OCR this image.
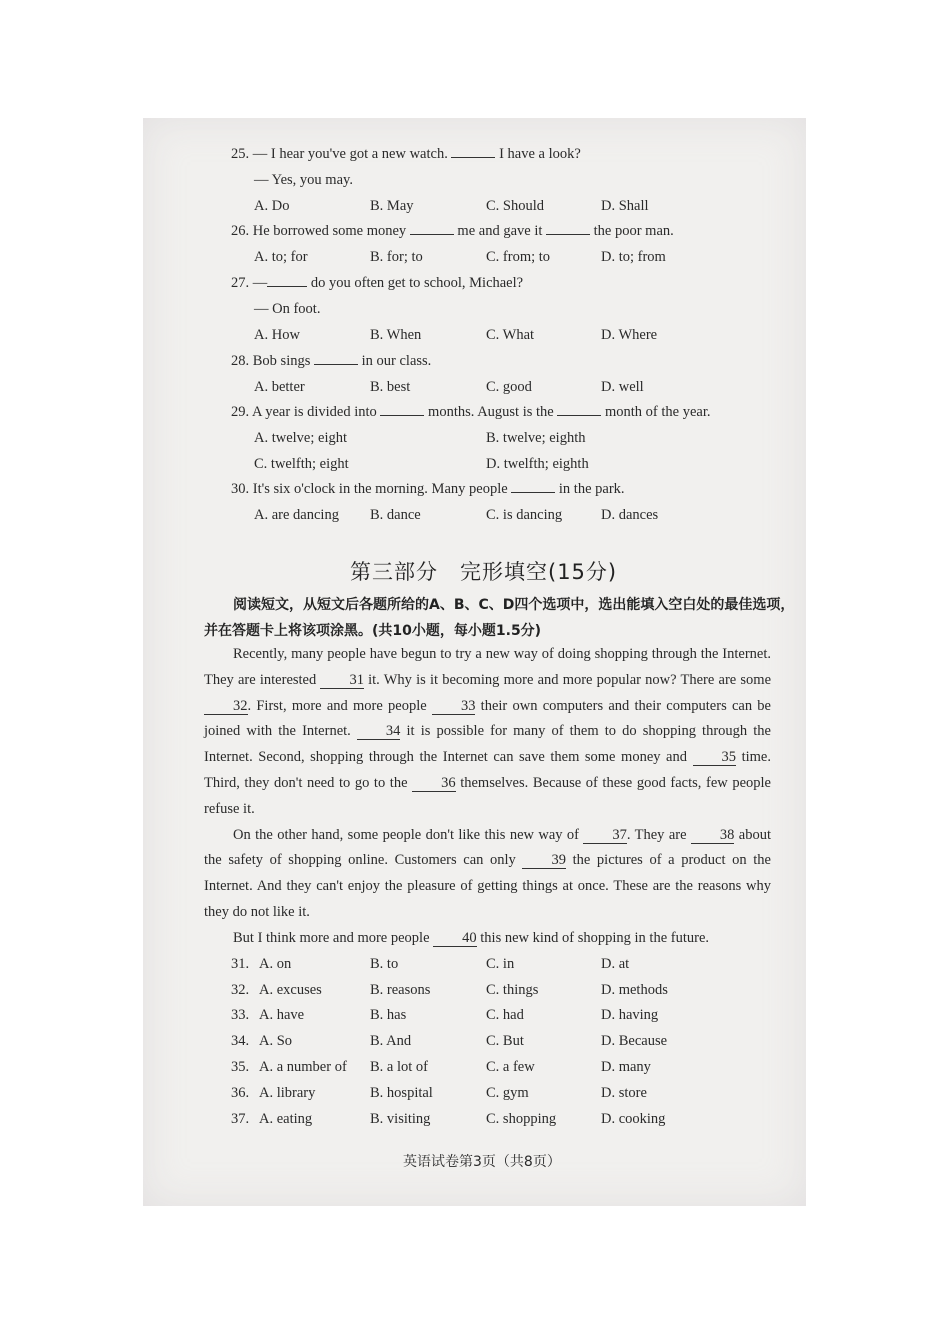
25. — I hear you've got a new watch.	I have a look?
— Yes, you may.
A. Do	B. May	C. Should	D. Shall
26. He borrowed some money	me and gave it	the poor man.
A. to; for	B. for; to	C. from; to	D. to; from
27. —	do you often get to school, Michael?
— On foot.
A. How	B. When	C. What	D. Where
28. Bob sings	in our class.
A. better	B. best	C. good	D. well
29. A year is divided into	months. August is the	month of the year.
A. twelve; eight	B. twelve; eighth
C. twelfth; eight	D. twelfth; eighth
30. It's six o'clock in the morning. Many people	in the park.
A. are dancing B. dance	C. is dancing	D. dances
第三部分　完形填空(15分)
阅读短文，从短文后各题所给的A、B、C、D四个选项中，选出能填入空白处的最佳选项，
并在答题卡上将该项涂黑。(共10小题，每小题1.5分)

Recently, many people have begun to try a new way of doing shopping through the Internet. They are interested 31 it. Why is it becoming more and more popular now? There are some 32. First, more and more people 33 their own computers and their computers can be joined with the Internet. 34 it is possible for many of them to do shopping through the Internet. Second, shopping through the Internet can save them some money and 35 time. Third, they don't need to go to the 36 themselves. Because of these good facts, few people refuse it.

On the other hand, some people don't like this new way of 37. They are 38 about the safety of shopping online. Customers can only 39 the pictures of a product on the Internet. And they can't enjoy the pleasure of getting things at once. These are the reasons why they do not like it.

But I think more and more people 40 this new kind of shopping in the future.

31. A. on	B. to	C. in	D. at
32. A. excuses	B. reasons	C. things	D. methods
33. A. have	B. has	C. had	D. having
34. A. So	B. And	C. But	D. Because
35. A. a number of B. a lot of	C. a few	D. many
36. A. library	B. hospital	C. gym	D. store
37. A. eating	B. visiting	C. shopping	D. cooking
英语试卷第3页（共8页）
